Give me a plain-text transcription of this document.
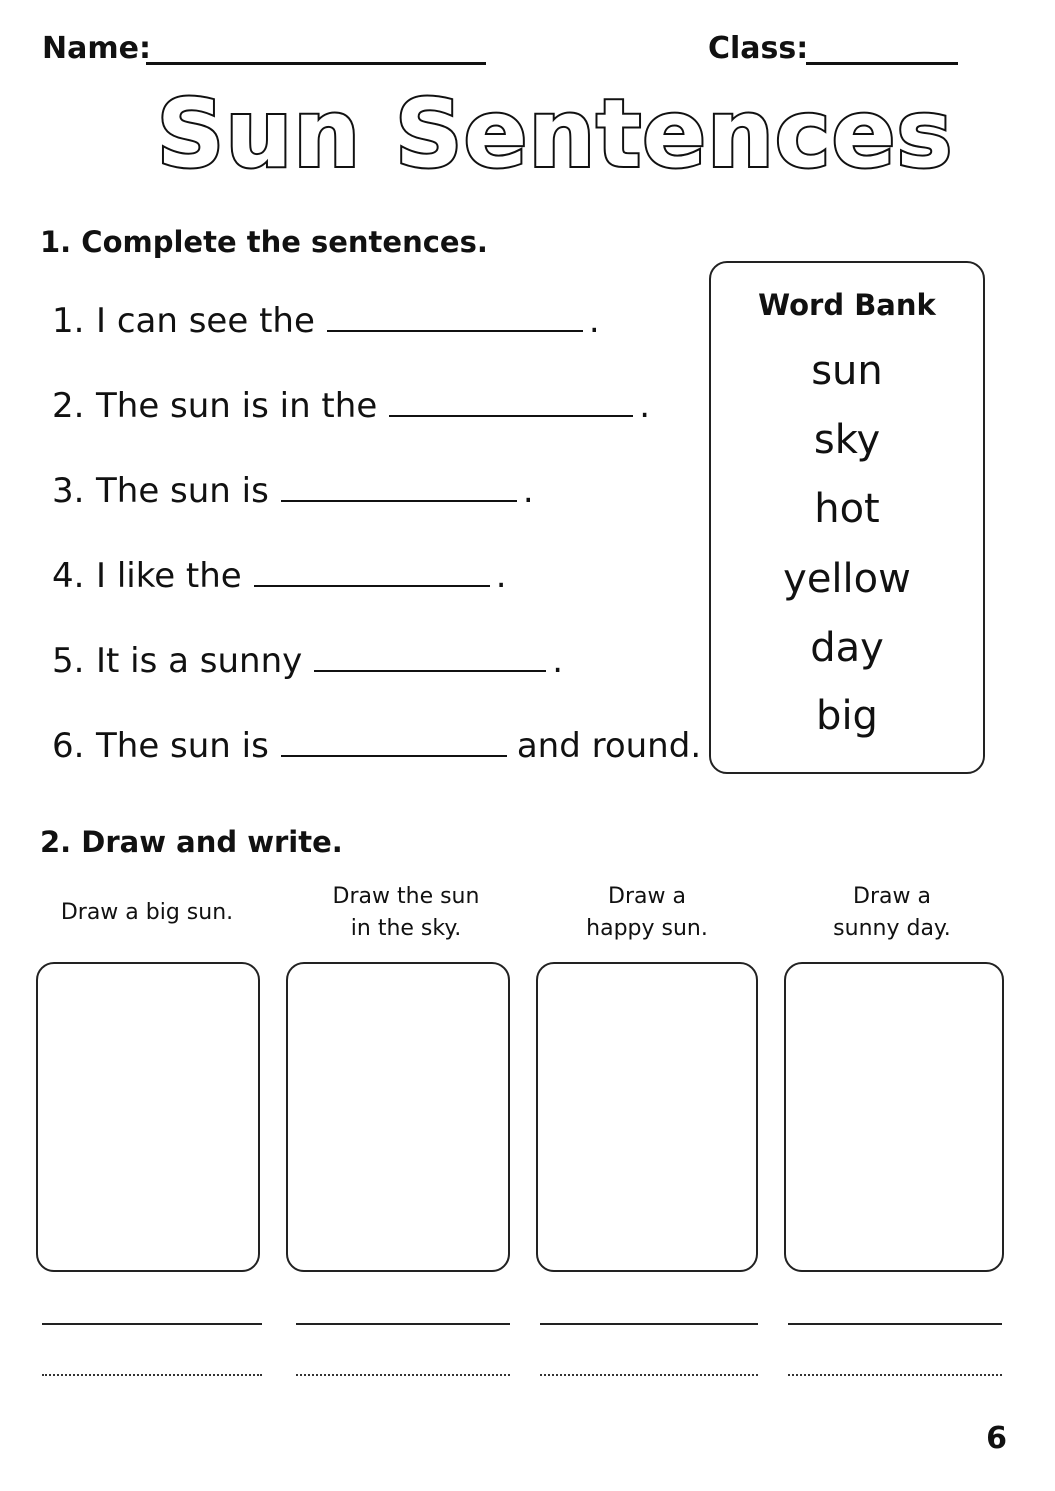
Name:	Class:
Sun Sentences
1. Complete the sentences.
1. I can see the	.
2. The sun is in the	.
3. The sun is	.
4. I like the	.
5. It is a sunny	.
6. The sun is	and round.
Word Bank
sun
sky
hot
yellow
day
big
2. Draw and write.
Draw a big sun.
Draw the sun
in the sky.
Draw a
happy sun.
Draw a
sunny day.
6
